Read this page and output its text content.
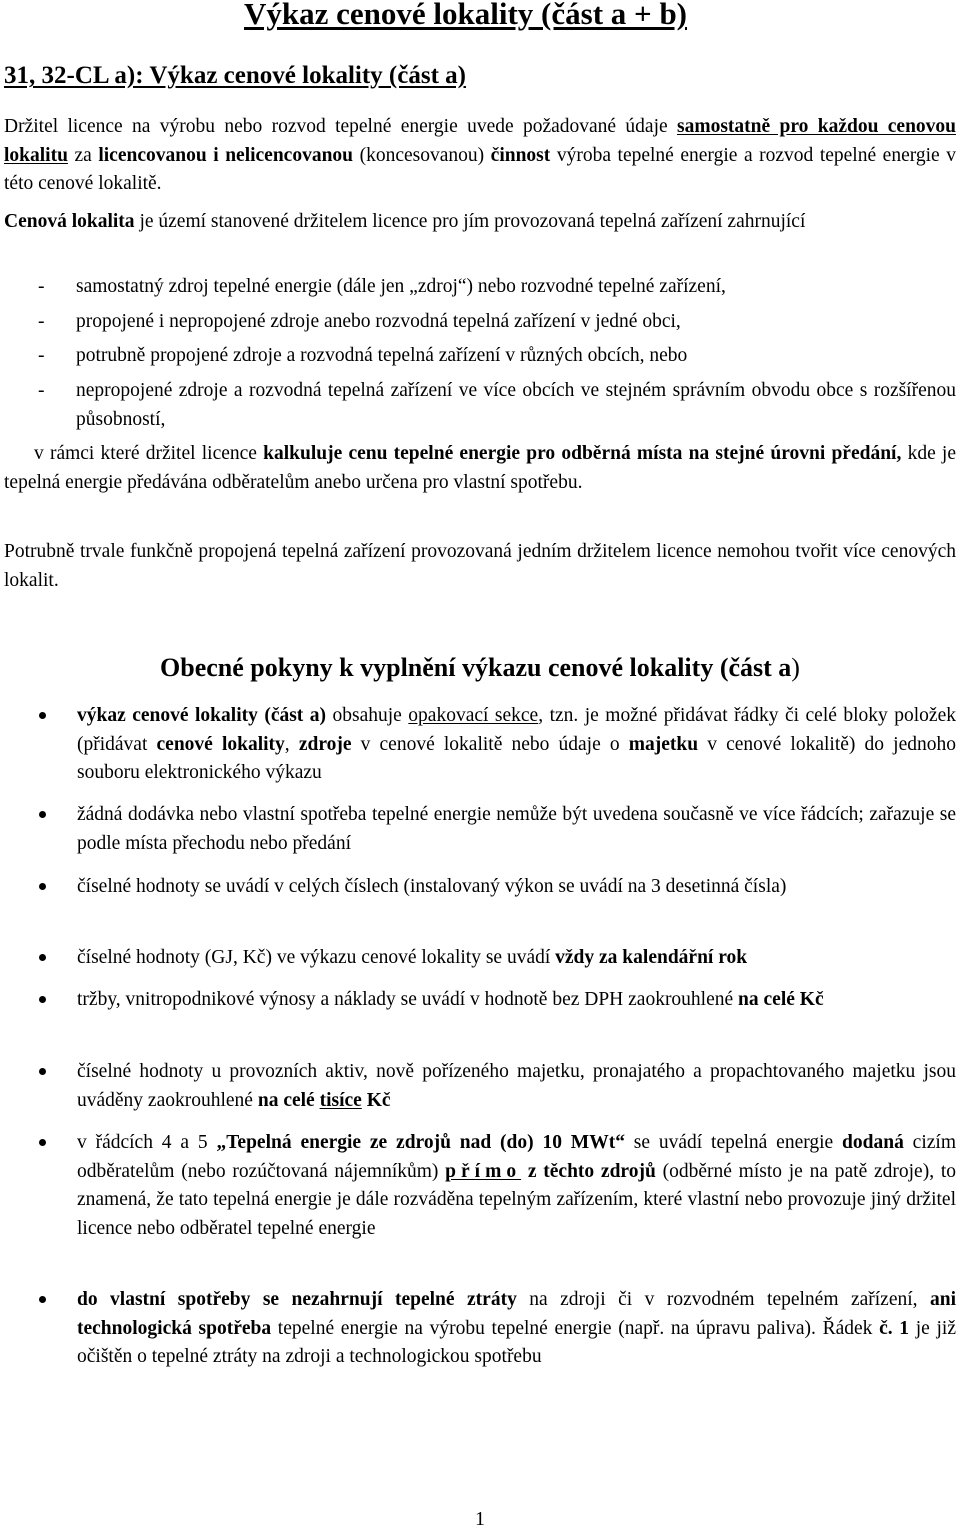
Výkaz cenové lokality (část a + b)
31, 32-CL a): Výkaz cenové lokality (část a)
Držitel licence na výrobu nebo rozvod tepelné energie uvede požadované údaje samostatně pro každou cenovou lokalitu za licencovanou i nelicencovanou (koncesovanou) činnost výroba tepelné energie a rozvod tepelné energie v této cenové lokalitě.
Cenová lokalita je území stanovené držitelem licence pro jím provozovaná tepelná zařízení zahrnující
-	samostatný zdroj tepelné energie (dále jen „zdroj“) nebo rozvodné tepelné zařízení,
-	propojené i nepropojené zdroje anebo rozvodná tepelná zařízení v jedné obci,
-	potrubně propojené zdroje a rozvodná tepelná zařízení v různých obcích, nebo
-	nepropojené zdroje a rozvodná tepelná zařízení ve více obcích ve stejném správním obvodu obce s rozšířenou působností,
v rámci které držitel licence kalkuluje cenu tepelné energie pro odběrná místa na stejné úrovni předání, kde je tepelná energie předávána odběratelům anebo určena pro vlastní spotřebu.
Potrubně trvale funkčně propojená tepelná zařízení provozovaná jedním držitelem licence nemohou tvořit více cenových lokalit.
Obecné pokyny k vyplnění výkazu cenové lokality (část a)
výkaz cenové lokality (část a) obsahuje opakovací sekce, tzn. je možné přidávat řádky či celé bloky položek (přidávat cenové lokality, zdroje v cenové lokalitě nebo údaje o majetku v cenové lokalitě) do jednoho souboru elektronického výkazu
žádná dodávka nebo vlastní spotřeba tepelné energie nemůže být uvedena současně ve více řádcích; zařazuje se podle místa přechodu nebo předání
číselné hodnoty se uvádí v celých číslech (instalovaný výkon se uvádí na 3 desetinná čísla)
číselné hodnoty (GJ, Kč) ve výkazu cenové lokality se uvádí vždy za kalendářní rok
tržby, vnitropodnikové výnosy a náklady se uvádí v hodnotě bez DPH zaokrouhlené na celé Kč
číselné hodnoty u provozních aktiv, nově pořízeného majetku, pronajatého a propachtovaného majetku jsou uváděny zaokrouhlené na celé tisíce Kč
v řádcích 4 a 5 „Tepelná energie ze zdrojů nad (do) 10 MWt“ se uvádí tepelná energie dodaná cizím odběratelům (nebo rozúčtovaná nájemníkům) přímo z těchto zdrojů (odběrné místo je na patě zdroje), to znamená, že tato tepelná energie je dále rozváděna tepelným zařízením, které vlastní nebo provozuje jiný držitel licence nebo odběratel tepelné energie
do vlastní spotřeby se nezahrnují tepelné ztráty na zdroji či v rozvodném tepelném zařízení, ani technologická spotřeba tepelné energie na výrobu tepelné energie (např. na úpravu paliva). Řádek č. 1 je již očištěn o tepelné ztráty na zdroji a technologickou spotřebu
1
